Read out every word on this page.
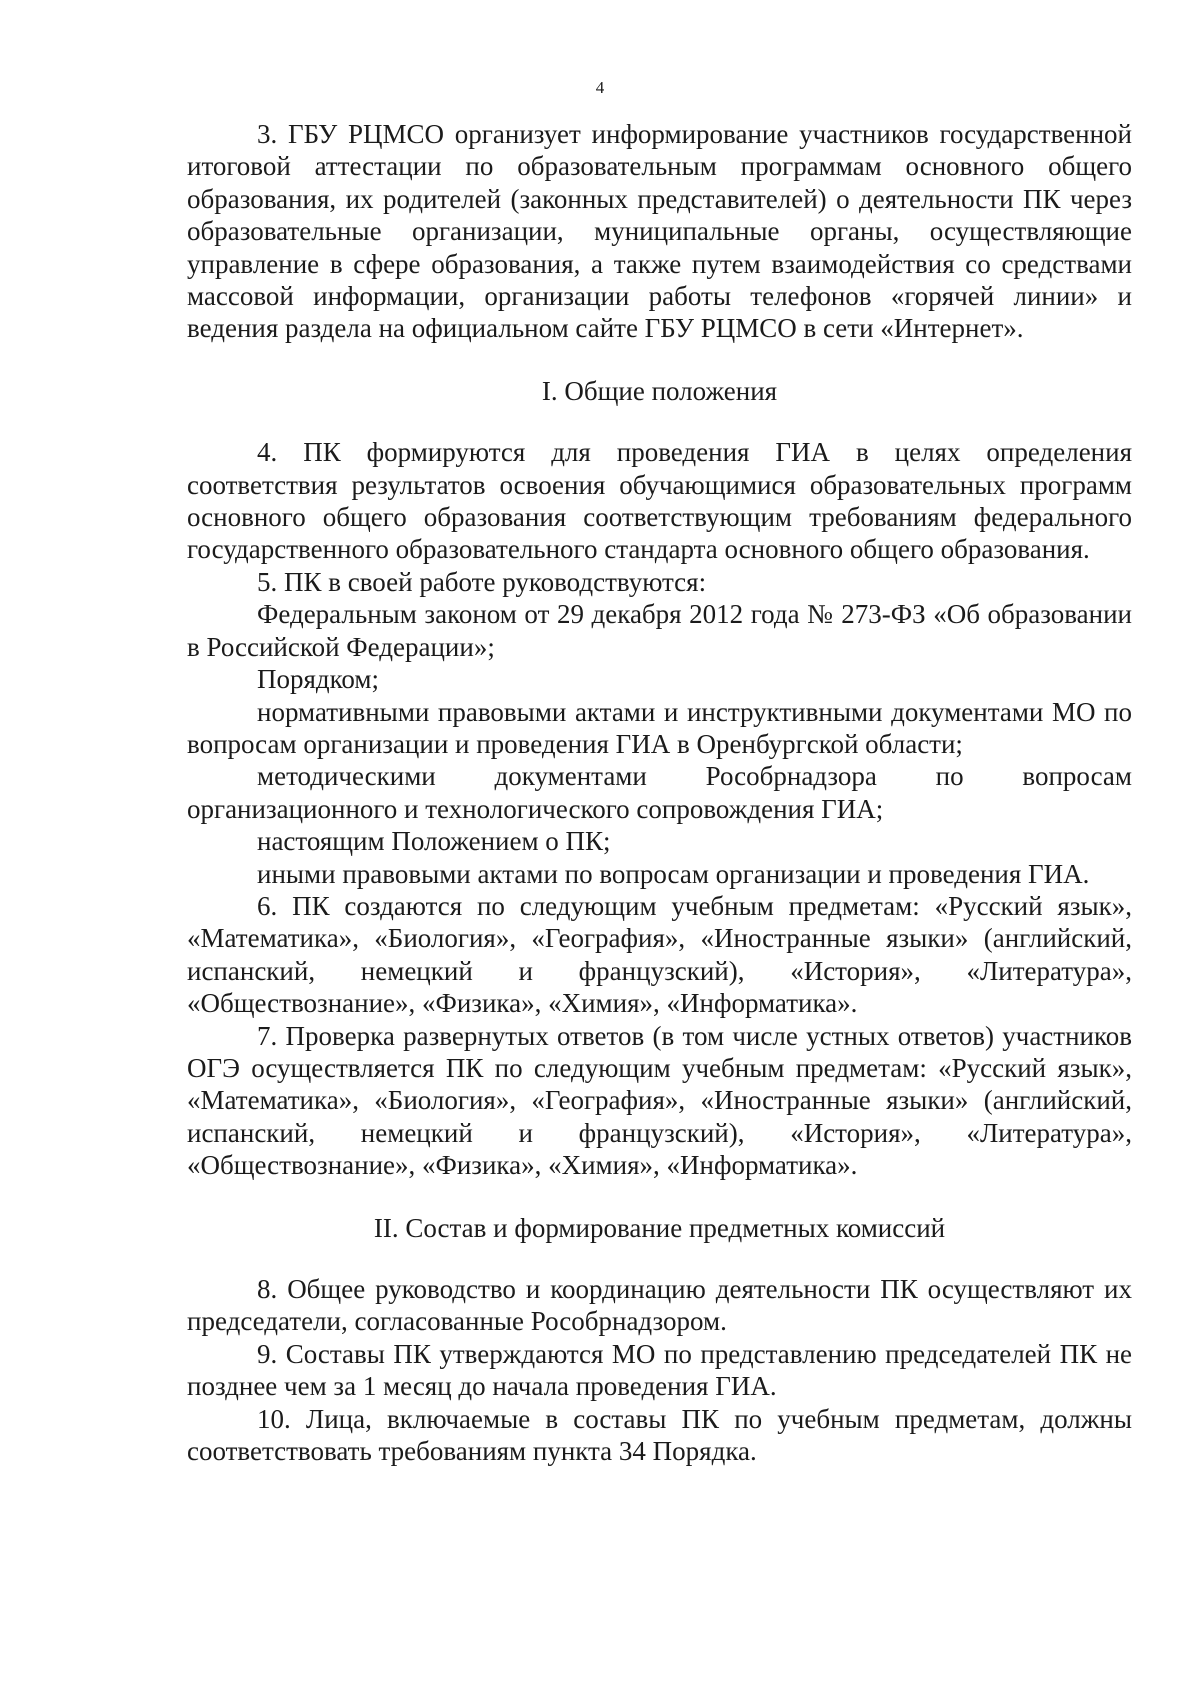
4

3. ГБУ РЦМСО организует информирование участников государственной итоговой аттестации по образовательным программам основного общего образования, их родителей (законных представителей) о деятельности ПК через образовательные организации, муниципальные органы, осуществляющие управление в сфере образования, а также путем взаимодействия со средствами массовой информации, организации работы телефонов «горячей линии» и ведения раздела на официальном сайте ГБУ РЦМСО в сети «Интернет».

I. Общие положения

4. ПК формируются для проведения ГИА в целях определения соответствия результатов освоения обучающимися образовательных программ основного общего образования соответствующим требованиям федерального государственного образовательного стандарта основного общего образования.

5. ПК в своей работе руководствуются:

Федеральным законом от 29 декабря 2012 года № 273-ФЗ «Об образовании в Российской Федерации»;

Порядком;

нормативными правовыми актами и инструктивными документами МО по вопросам организации и проведения ГИА в Оренбургской области;

методическими документами Рособрнадзора по вопросам организационного и технологического сопровождения ГИА;

настоящим Положением о ПК;

иными правовыми актами по вопросам организации и проведения ГИА.

6. ПК создаются по следующим учебным предметам: «Русский язык», «Математика», «Биология», «География», «Иностранные языки» (английский, испанский, немецкий и французский), «История», «Литература», «Обществознание», «Физика», «Химия», «Информатика».

7. Проверка развернутых ответов (в том числе устных ответов) участников ОГЭ осуществляется ПК по следующим учебным предметам: «Русский язык», «Математика», «Биология», «География», «Иностранные языки» (английский, испанский, немецкий и французский), «История», «Литература», «Обществознание», «Физика», «Химия», «Информатика».

II. Состав и формирование предметных комиссий

8. Общее руководство и координацию деятельности ПК осуществляют их председатели, согласованные Рособрнадзором.

9. Составы ПК утверждаются МО по представлению председателей ПК не позднее чем за 1 месяц до начала проведения ГИА.

10. Лица, включаемые в составы ПК по учебным предметам, должны соответствовать требованиям пункта 34 Порядка.
